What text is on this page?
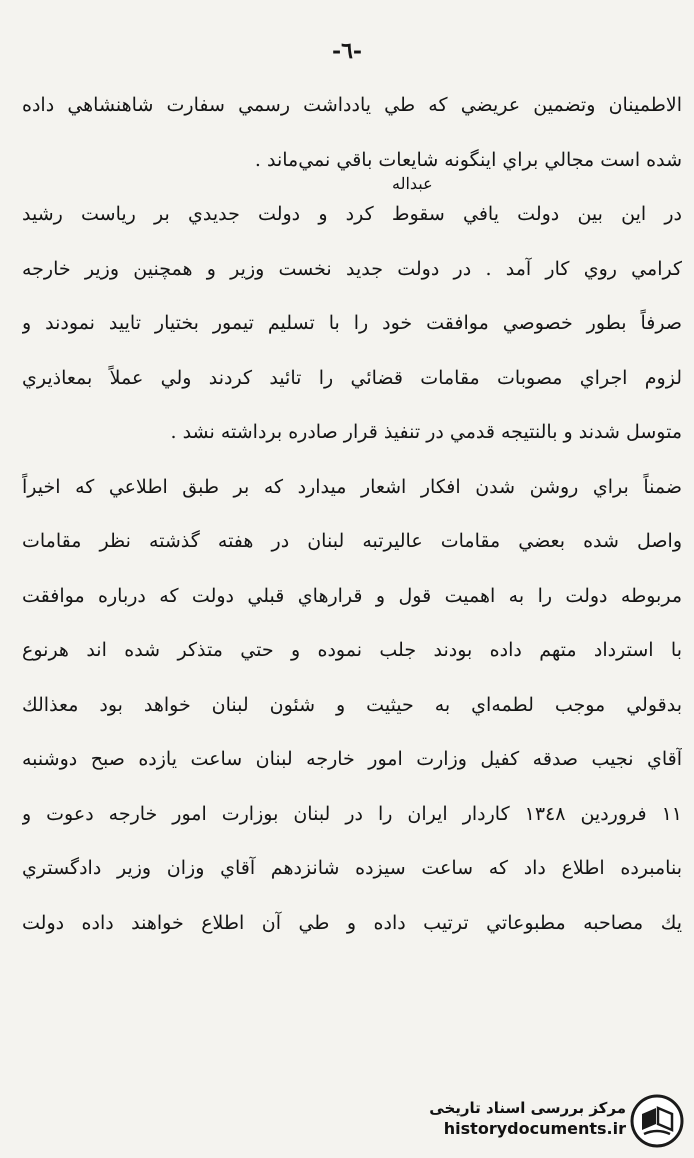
-٦-
عبداله
الاطمينان وتضمين عريضي كه طي يادداشت رسمي سفارت شاهنشاهي داده
شده است مجالي براي اينگونه شايعات باقي نمي‌ماند .
در اين بين دولت يافي سقوط كرد و دولت جديدي بر رياست رشيد
كرامي روي كار آمد . در دولت جديد نخست وزير و همچنين وزير خارجه
صرفاً بطور خصوصي موافقت خود را با تسليم تيمور بختيار تاييد نمودند و
لزوم اجراي مصوبات مقامات قضائي را تائيد كردند ولي عملاً بمعاذيري
متوسل شدند و بالنتيجه قدمي در تنفيذ قرار صادره برداشته نشد .
ضمناً براي روشن شدن افكار اشعار ميدارد كه بر طبق اطلاعي كه اخيراً
واصل شده بعضي مقامات عاليرتبه لبنان در هفته گذشته نظر مقامات
مربوطه دولت را به اهميت قول و قرارهاي قبلي دولت كه درباره موافقت
با استرداد متهم داده بودند جلب نموده و حتي متذكر شده اند هرنوع
بدقولي موجب لطمه‌اي به حيثيت و شئون لبنان خواهد بود معذالك
آقاي نجيب صدقه كفيل وزارت امور خارجه لبنان ساعت يازده صبح دوشنبه
١١ فروردين ١٣٤٨ كاردار ايران را در لبنان بوزارت امور خارجه دعوت و
بنامبرده اطلاع داد كه ساعت سيزده شانزدهم آقاي وزان وزير دادگستري
يك مصاحبه مطبوعاتي ترتيب داده و طي آن اطلاع خواهند داده دولت
مرکز بررسی اسناد تاریخی
historydocuments.ir
